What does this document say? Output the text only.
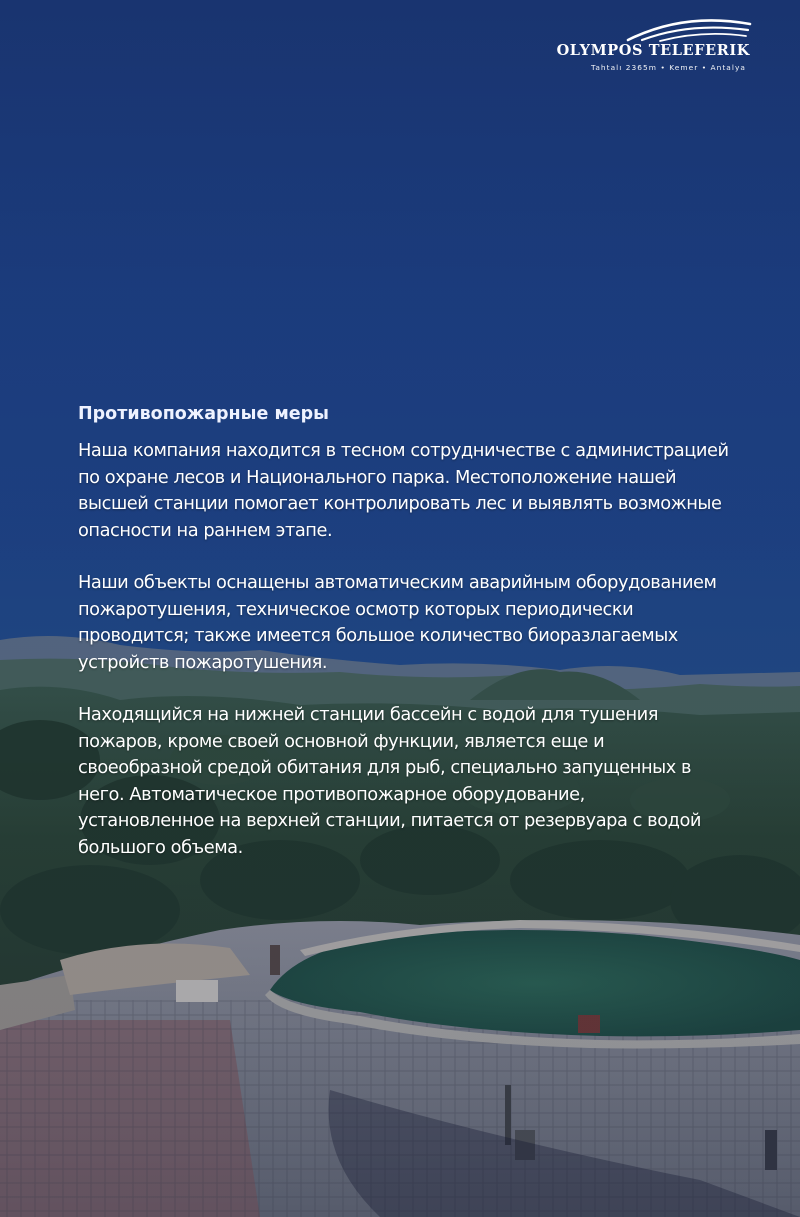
OLYMPOS TELEFERIK
Tahtalı 2365m • Kemer • Antalya
Противопожарные меры

Наша компания находится в тесном сотрудничестве с администрацией
по охране лесов и Национального парка. Местоположение нашей
высшей станции помогает контролировать лес и выявлять возможные
опасности на раннем этапе.

Наши объекты оснащены автоматическим аварийным оборудованием
пожаротушения, техническое осмотр которых периодически
проводится; также имеется большое количество биоразлагаемых
устройств пожаротушения.

Находящийся на нижней станции бассейн с водой для тушения
пожаров, кроме своей основной функции, является еще и
своеобразной средой обитания для рыб, специально запущенных в
него. Автоматическое противопожарное оборудование,
установленное на верхней станции, питается от резервуара с водой
большого объема.
